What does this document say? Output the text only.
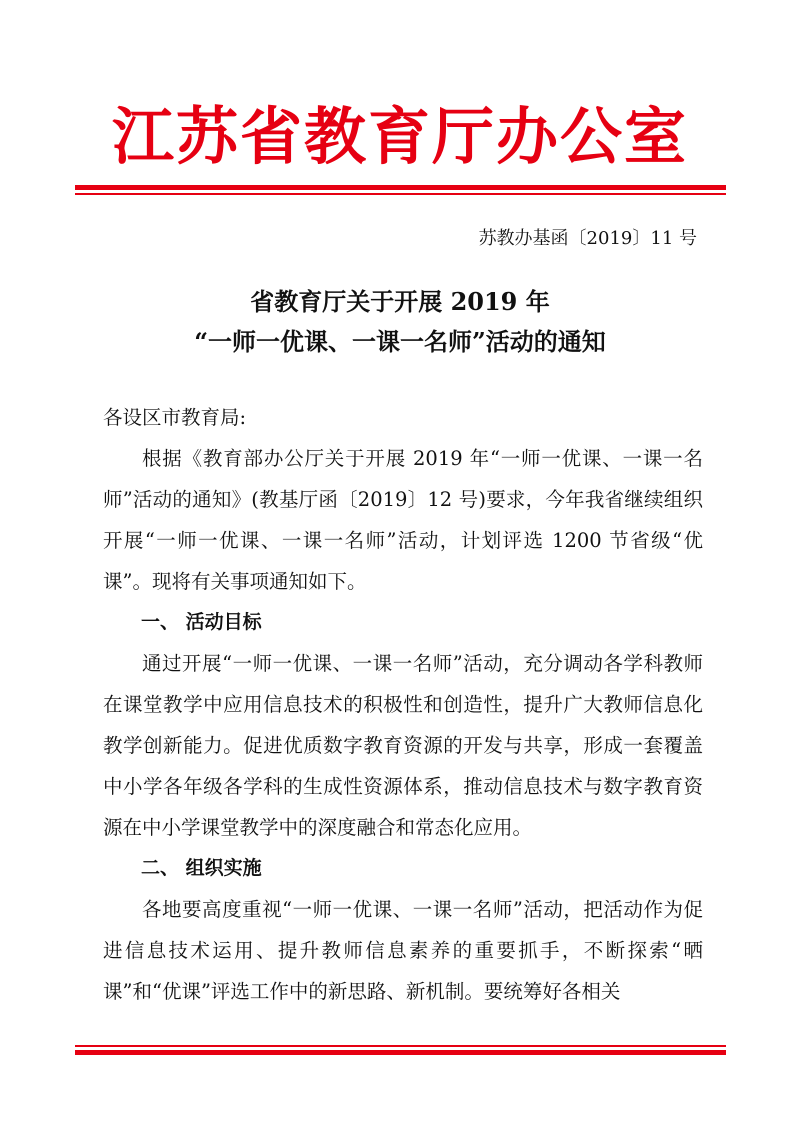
江苏省教育厅办公室
苏教办基函〔2019〕11 号
省教育厅关于开展 2019 年
“一师一优课、一课一名师”活动的通知

各设区市教育局:

根据《教育部办公厅关于开展 2019 年“一师一优课、一课一名师”活动的通知》(教基厅函〔2019〕12 号)要求，今年我省继续组织开展“一师一优课、一课一名师”活动，计划评选 1200 节省级“优课”。现将有关事项通知如下。

一、 活动目标

通过开展“一师一优课、一课一名师”活动，充分调动各学科教师在课堂教学中应用信息技术的积极性和创造性，提升广大教师信息化教学创新能力。促进优质数字教育资源的开发与共享，形成一套覆盖中小学各年级各学科的生成性资源体系，推动信息技术与数字教育资源在中小学课堂教学中的深度融合和常态化应用。

二、 组织实施

各地要高度重视“一师一优课、一课一名师”活动，把活动作为促进信息技术运用、提升教师信息素养的重要抓手，不断探索“晒课”和“优课”评选工作中的新思路、新机制。要统筹好各相关
